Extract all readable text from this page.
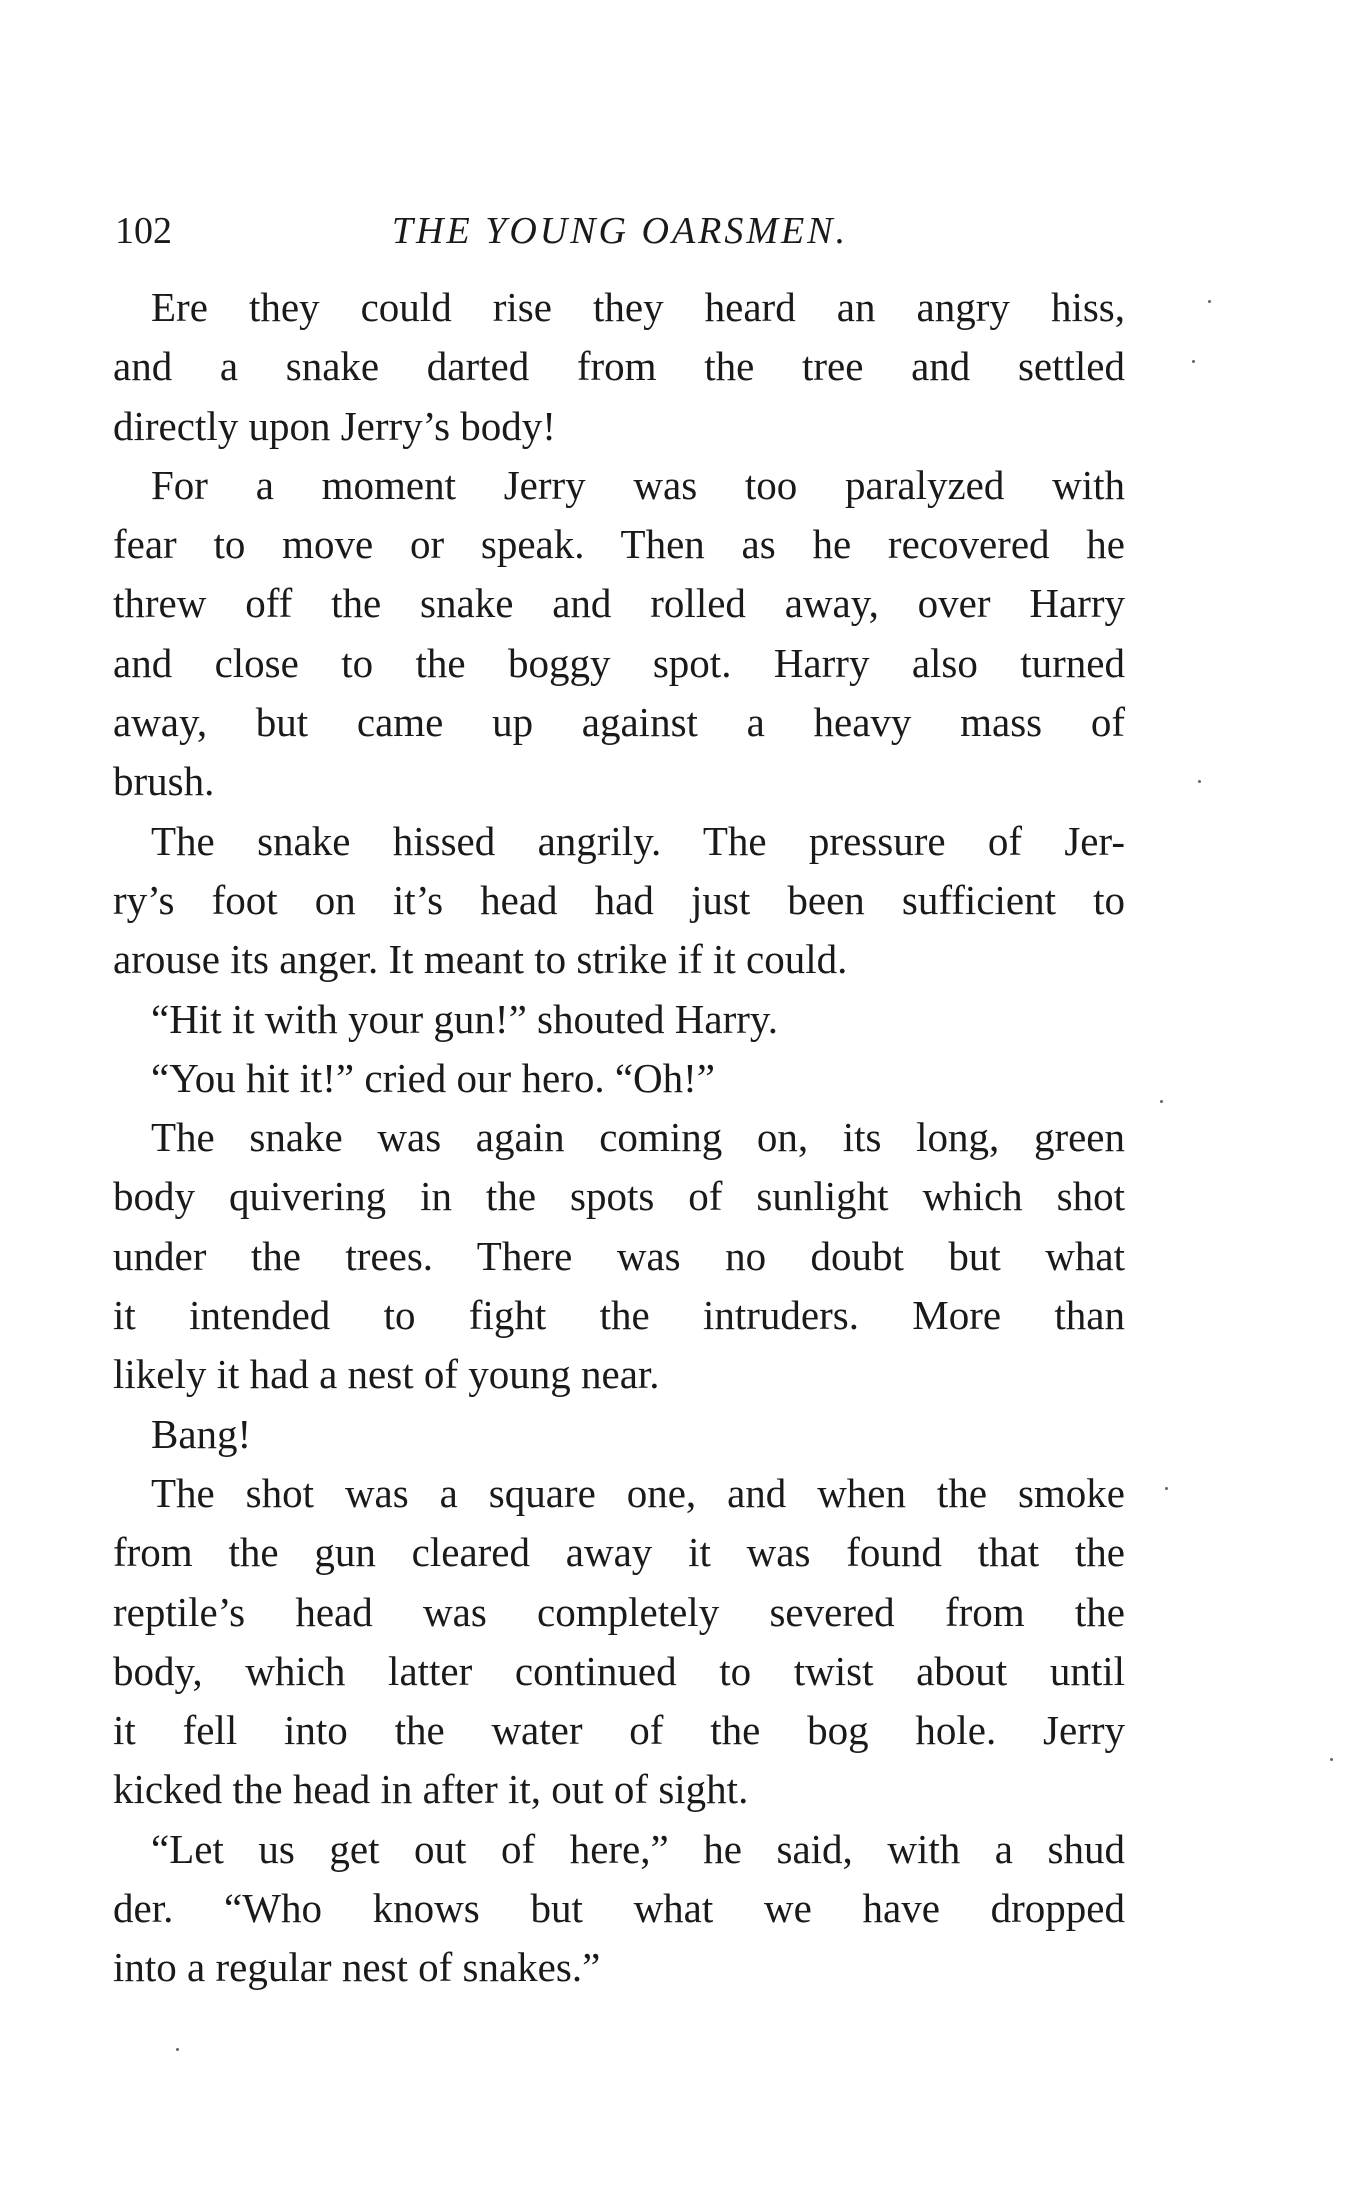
102	THE YOUNG OARSMEN.
Ere they could rise they heard an angry hiss,
and a snake darted from the tree and settled
directly upon Jerry’s body!
For a moment Jerry was too paralyzed with
fear to move or speak. Then as he recovered he
threw off the snake and rolled away, over Harry
and close to the boggy spot. Harry also turned
away, but came up against a heavy mass of
brush.
The snake hissed angrily. The pressure of Jer-
ry’s foot on it’s head had just been sufficient to
arouse its anger. It meant to strike if it could.
“Hit it with your gun!” shouted Harry.
“You hit it!” cried our hero. “Oh!”
The snake was again coming on, its long, green
body quivering in the spots of sunlight which shot
under the trees. There was no doubt but what
it intended to fight the intruders. More than
likely it had a nest of young near.
Bang!
The shot was a square one, and when the smoke
from the gun cleared away it was found that the
reptile’s head was completely severed from the
body, which latter continued to twist about until
it fell into the water of the bog hole. Jerry
kicked the head in after it, out of sight.
“Let us get out of here,” he said, with a shud
der. “Who knows but what we have dropped
into a regular nest of snakes.”
